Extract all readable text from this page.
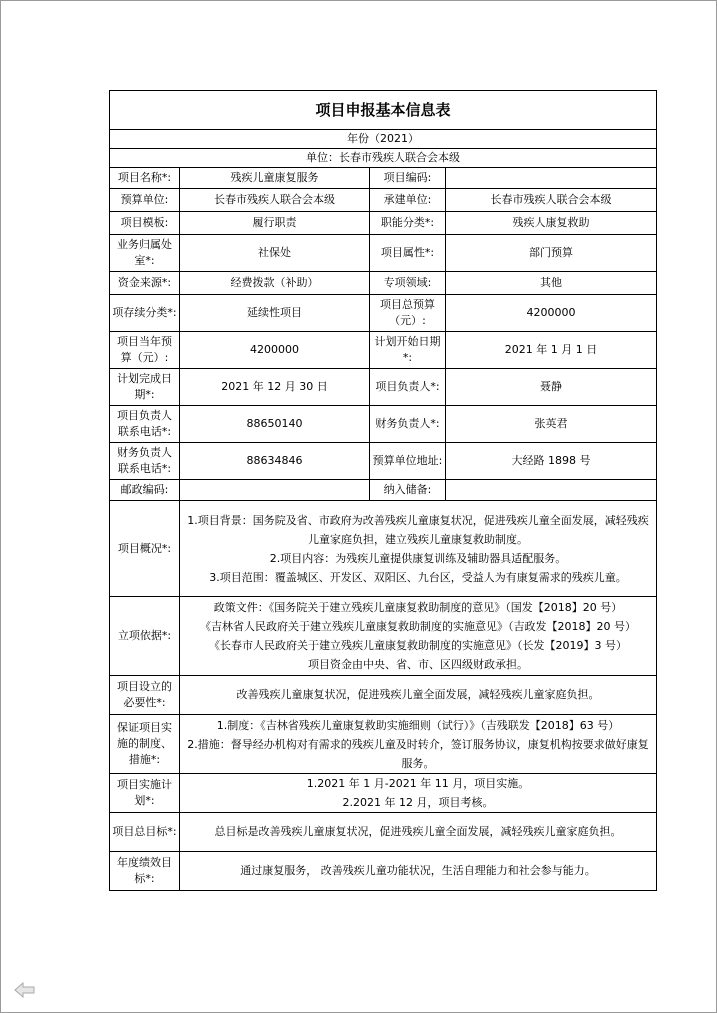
项目申报基本信息表			
年份（2021）			
单位：长春市残疾人联合会本级			
项目名称*:	残疾儿童康复服务	项目编码:	
预算单位:	长春市残疾人联合会本级	承建单位:	长春市残疾人联合会本级
项目模板:	履行职责	职能分类*:	残疾人康复救助
业务归属处室*:	社保处	项目属性*:	部门预算
资金来源*:	经费拨款（补助）	专项领域:	其他
项存续分类*:	延续性项目	项目总预算（元）:	4200000
项目当年预算（元）:	4200000	计划开始日期*:	2021 年 1 月 1 日
计划完成日期*:	2021 年 12 月 30 日	项目负责人*:	聂静
项目负责人联系电话*:	88650140	财务负责人*:	张英君
财务负责人联系电话*:	88634846	预算单位地址:	大经路 1898 号
邮政编码:		纳入储备:	
项目概况*:	1.项目背景：国务院及省、市政府为改善残疾儿童康复状况，促进残疾儿童全面发展，减轻残疾儿童家庭负担，建立残疾儿童康复救助制度。

2.项目内容：为残疾儿童提供康复训练及辅助器具适配服务。

3.项目范围：覆盖城区、开发区、双阳区、九台区，受益人为有康复需求的残疾儿童。		

立项依据*:	政策文件：《国务院关于建立残疾儿童康复救助制度的意见》（国发【2018】20 号）

《吉林省人民政府关于建立残疾儿童康复救助制度的实施意见》（吉政发【2018】20 号）

《长春市人民政府关于建立残疾儿童康复救助制度的实施意见》（长发【2019】3 号）

项目资金由中央、省、市、区四级财政承担。		

项目设立的必要性*:	改善残疾儿童康复状况，促进残疾儿童全面发展，减轻残疾儿童家庭负担。		
保证项目实施的制度、措施*:	1.制度：《吉林省残疾儿童康复救助实施细则（试行）》（吉残联发【2018】63 号）

2.措施：督导经办机构对有需求的残疾儿童及时转介，签订服务协议，康复机构按要求做好康复服务。		

项目实施计划*:	1.2021 年 1 月-2021 年 11 月，项目实施。

2.2021 年 12 月，项目考核。		

项目总目标*:	总目标是改善残疾儿童康复状况，促进残疾儿童全面发展，减轻残疾儿童家庭负担。		
年度绩效目标*:	通过康复服务， 改善残疾儿童功能状况，生活自理能力和社会参与能力。		
